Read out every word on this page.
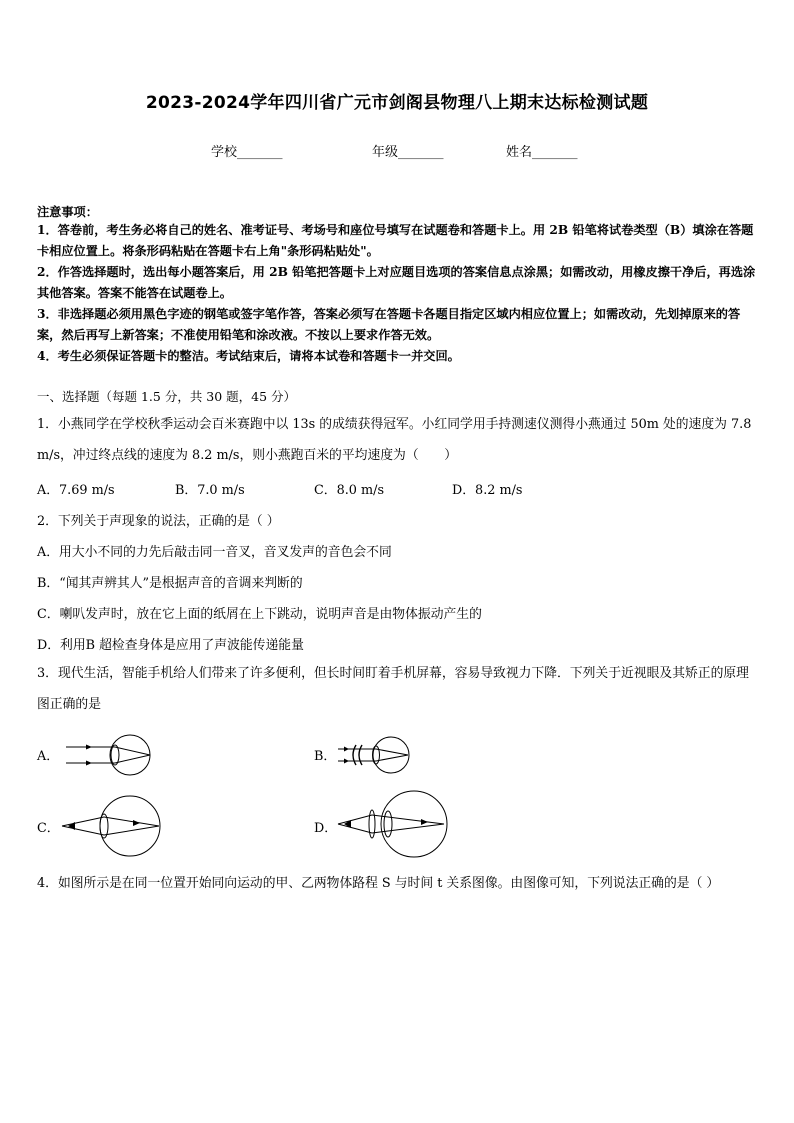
2023-2024学年四川省广元市剑阁县物理八上期末达标检测试题
学校_______	年级_______	姓名_______
注意事项：
1．答卷前，考生务必将自己的姓名、准考证号、考场号和座位号填写在试题卷和答题卡上。用 2B 铅笔将试卷类型（B）填涂在答题卡相应位置上。将条形码粘贴在答题卡右上角"条形码粘贴处"。
2．作答选择题时，选出每小题答案后，用 2B 铅笔把答题卡上对应题目选项的答案信息点涂黑；如需改动，用橡皮擦干净后，再选涂其他答案。答案不能答在试题卷上。
3．非选择题必须用黑色字迹的钢笔或签字笔作答，答案必须写在答题卡各题目指定区域内相应位置上；如需改动，先划掉原来的答案，然后再写上新答案；不准使用铅笔和涂改液。不按以上要求作答无效。
4．考生必须保证答题卡的整洁。考试结束后，请将本试卷和答题卡一并交回。
一、选择题（每题 1.5 分，共 30 题，45 分）
1．小燕同学在学校秋季运动会百米赛跑中以 13s 的成绩获得冠军。小红同学用手持测速仪测得小燕通过 50m 处的速度为 7.8 m/s，冲过终点线的速度为 8.2 m/s，则小燕跑百米的平均速度为（　　）
A．7.69 m/s	B．7.0 m/s	C．8.0 m/s	D．8.2 m/s
2．下列关于声现象的说法，正确的是（ ）
A．用大小不同的力先后敲击同一音叉，音叉发声的音色会不同
B．“闻其声辨其人”是根据声音的音调来判断的
C．喇叭发声时，放在它上面的纸屑在上下跳动，说明声音是由物体振动产生的
D．利用B 超检查身体是应用了声波能传递能量
3．现代生活，智能手机给人们带来了许多便利，但长时间盯着手机屏幕，容易导致视力下降．下列关于近视眼及其矫正的原理图正确的是
A．	B．
C．	D．
4．如图所示是在同一位置开始同向运动的甲、乙两物体路程 S 与时间 t 关系图像。由图像可知，下列说法正确的是（ ）
